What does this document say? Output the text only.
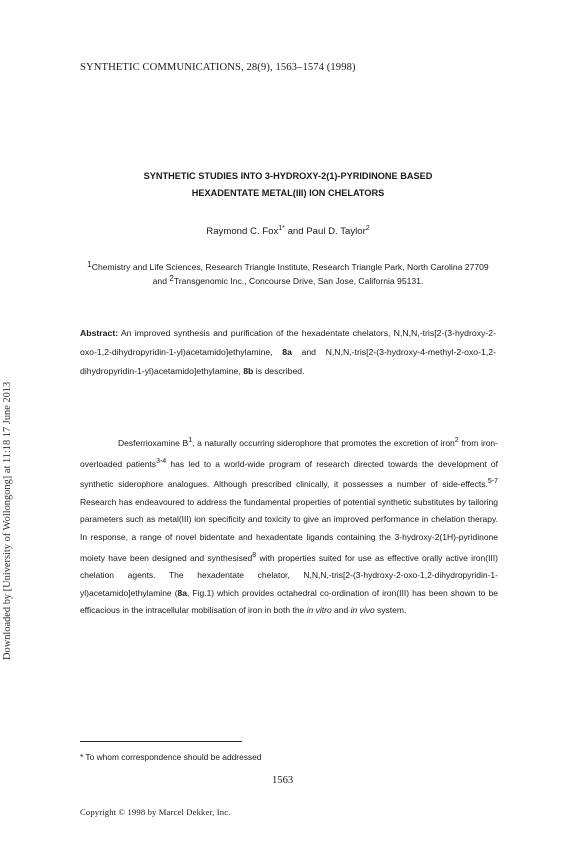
SYNTHETIC COMMUNICATIONS, 28(9), 1563–1574 (1998)
Downloaded by [University of Wollongong] at 11:18 17 June 2013
SYNTHETIC STUDIES INTO 3-HYDROXY-2(1)-PYRIDINONE BASED
HEXADENTATE METAL(III) ION CHELATORS
Raymond C. Fox$^{1*}$ and Paul D. Taylor$^2$
$^1$Chemistry and Life Sciences, Research Triangle Institute, Research Triangle Park, North Carolina 27709 and $^2$Transgenomic Inc., Concourse Drive, San Jose, California 95131.
Abstract: An improved synthesis and purification of the hexadentate chelators, N,N,N,-tris[2-(3-hydroxy-2-oxo-1,2-dihydropyridin-1-yl)acetamido]ethylamine, 8a and N,N,N,-tris[2-(3-hydroxy-4-methyl-2-oxo-1,2-dihydropyridin-1-yl)acetamido]ethylamine, 8b is described.

Desferrioxamine $B^1$, a naturally occurring siderophore that promotes the excretion of iron$^2$ from iron-overloaded patients$^{3-4}$ has led to a world-wide program of research directed towards the development of synthetic siderophore analogues. Although prescribed clinically, it possesses a number of side-effects.$^{5-7}$ Research has endeavoured to address the fundamental properties of potential synthetic substitutes by tailoring parameters such as metal(III) ion specificity and toxicity to give an improved performance in chelation therapy. In response, a range of novel bidentate and hexadentate ligands containing the 3-hydroxy-2(1H)-pyridinone moiety have been designed and synthesised$^8$ with properties suited for use as effective orally active iron(III) chelation agents. The hexadentate chelator, N,N,N,-tris[2-(3-hydroxy-2-oxo-1,2-dihydropyridin-1-yl)acetamido]ethylamine (8a, Fig.1) which provides octahedral co-ordination of iron(III) has been shown to be efficacious in the intracellular mobilisation of iron in both the in vitro and in vivo system.

* To whom correspondence should be addressed
1563
Copyright © 1998 by Marcel Dekker, Inc.
